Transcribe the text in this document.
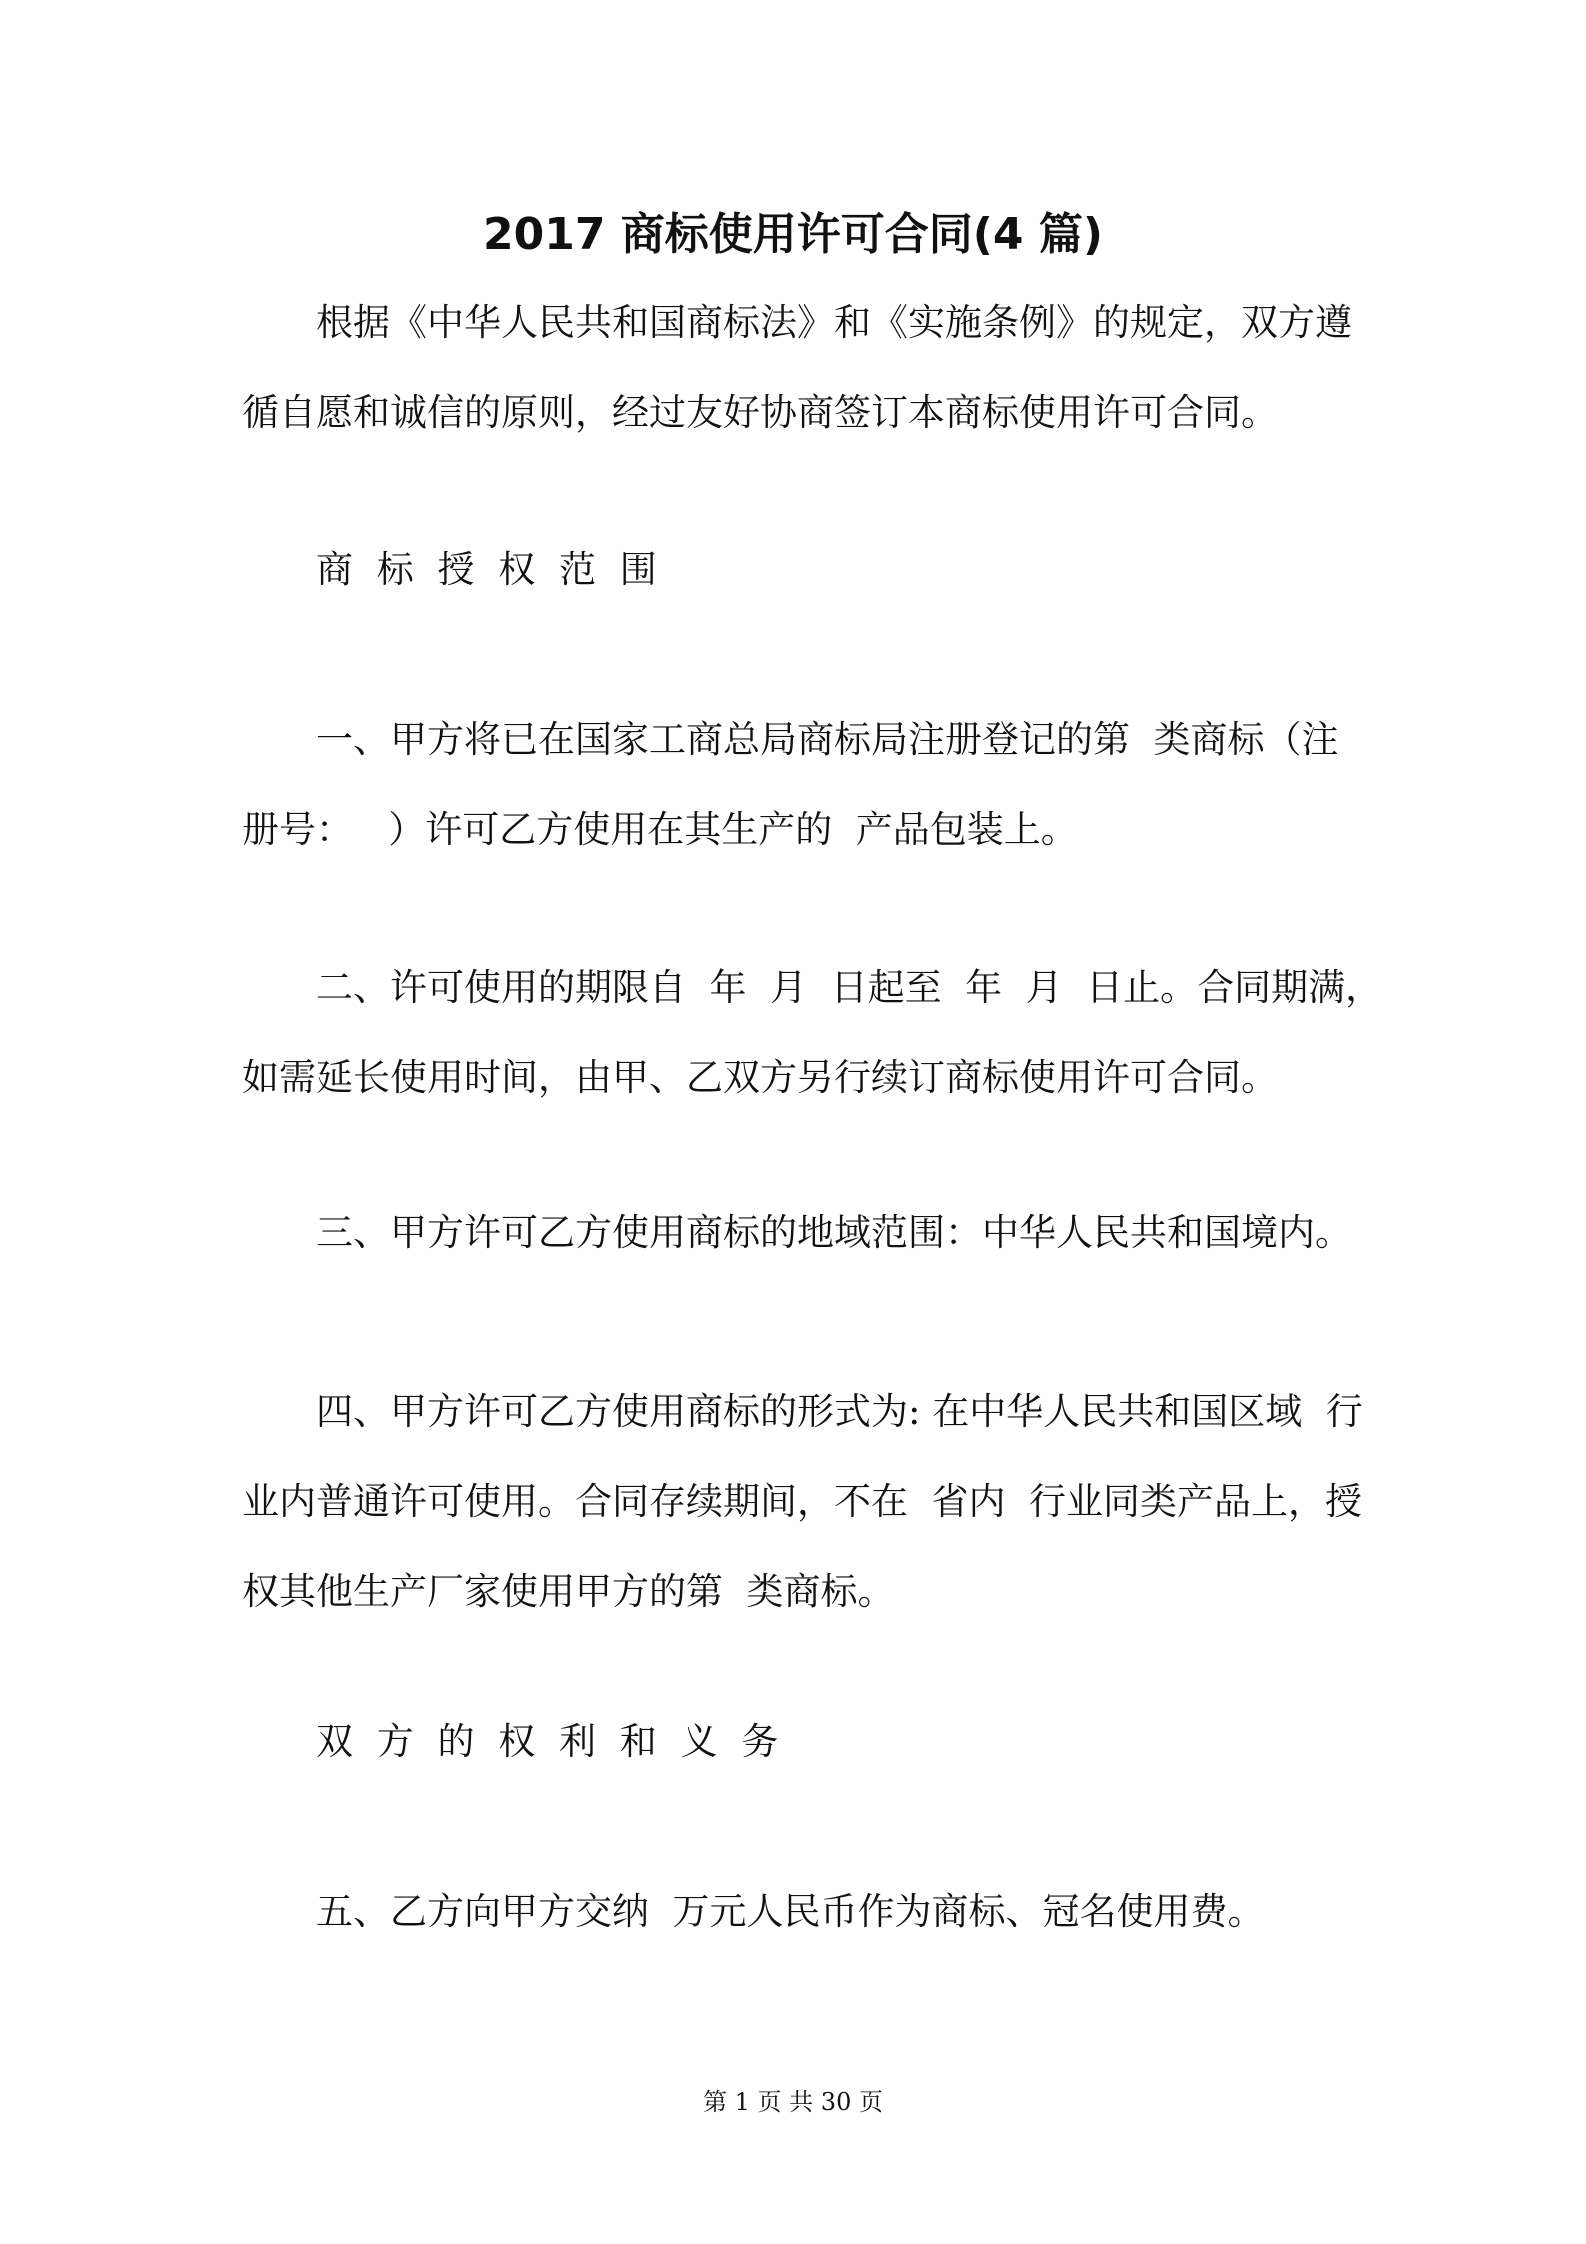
2017 商标使用许可合同(4 篇)
根据《中华人民共和国商标法》和《实施条例》的规定，双方遵
循自愿和诚信的原则，经过友好协商签订本商标使用许可合同。
商 标 授 权 范 围
一、甲方将已在国家工商总局商标局注册登记的第  类商标（注
册号：   ）许可乙方使用在其生产的  产品包装上。
二、许可使用的期限自  年  月  日起至  年  月  日止。合同期满，
如需延长使用时间，由甲、乙双方另行续订商标使用许可合同。
三、甲方许可乙方使用商标的地域范围：中华人民共和国境内。
四、甲方许可乙方使用商标的形式为: 在中华人民共和国区域  行
业内普通许可使用。合同存续期间，不在  省内  行业同类产品上，授
权其他生产厂家使用甲方的第  类商标。
双 方 的 权 利 和 义 务
五、乙方向甲方交纳  万元人民币作为商标、冠名使用费。
第 1 页 共 30 页
